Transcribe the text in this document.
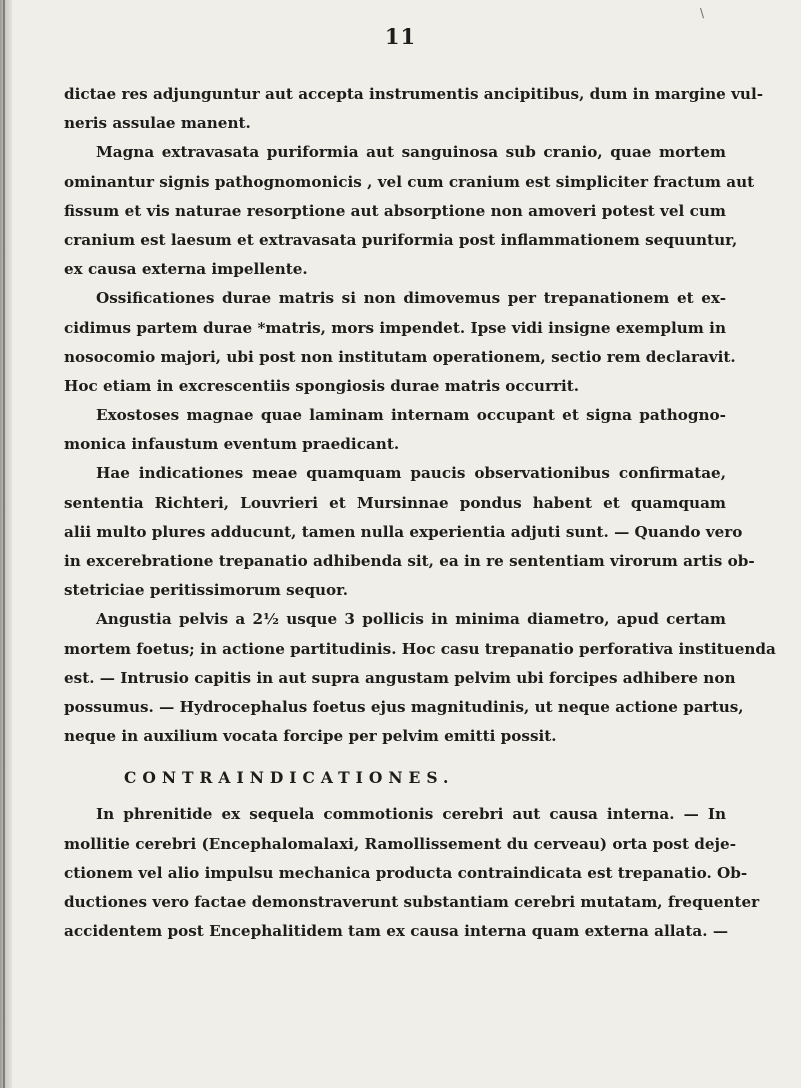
\
11
dictae res adjunguntur aut accepta instrumentis ancipitibus, dum in margine vul-
neris assulae manent.
Magna extravasata puriformia aut sanguinosa sub cranio, quae mortem
ominantur signis pathognomonicis , vel cum cranium est simpliciter fractum aut
fissum et vis naturae resorptione aut absorptione non amoveri potest vel cum
cranium est laesum et extravasata puriformia post inflammationem sequuntur,
ex causa externa impellente.
Ossificationes durae matris si non dimovemus per trepanationem et ex-
cidimus partem durae *matris, mors impendet. Ipse vidi insigne exemplum in
nosocomio majori, ubi post non institutam operationem, sectio rem declaravit.
Hoc etiam in excrescentiis spongiosis durae matris occurrit.
Exostoses magnae quae laminam internam occupant et signa pathogno-
monica infaustum eventum praedicant.
Hae indicationes meae quamquam paucis observationibus confirmatae,
sententia Richteri, Louvrieri et Mursinnae pondus habent et quamquam
alii multo plures adducunt, tamen nulla experientia adjuti sunt. — Quando vero
in excerebratione trepanatio adhibenda sit, ea in re sententiam virorum artis ob-
stetriciae peritissimorum sequor.
Angustia pelvis a 2½ usque 3 pollicis in minima diametro, apud certam
mortem foetus; in actione partitudinis. Hoc casu trepanatio perforativa instituenda
est. — Intrusio capitis in aut supra angustam pelvim ubi forcipes adhibere non
possumus. — Hydrocephalus foetus ejus magnitudinis, ut neque actione partus,
neque in auxilium vocata forcipe per pelvim emitti possit.
CONTRAINDICATIONES.
In phrenitide ex sequela commotionis cerebri aut causa interna. — In
mollitie cerebri (Encephalomalaxi, Ramollissement du cerveau) orta post deje-
ctionem vel alio impulsu mechanica producta contraindicata est trepanatio. Ob-
ductiones vero factae demonstraverunt substantiam cerebri mutatam, frequenter
accidentem post Encephalitidem tam ex causa interna quam externa allata. —
